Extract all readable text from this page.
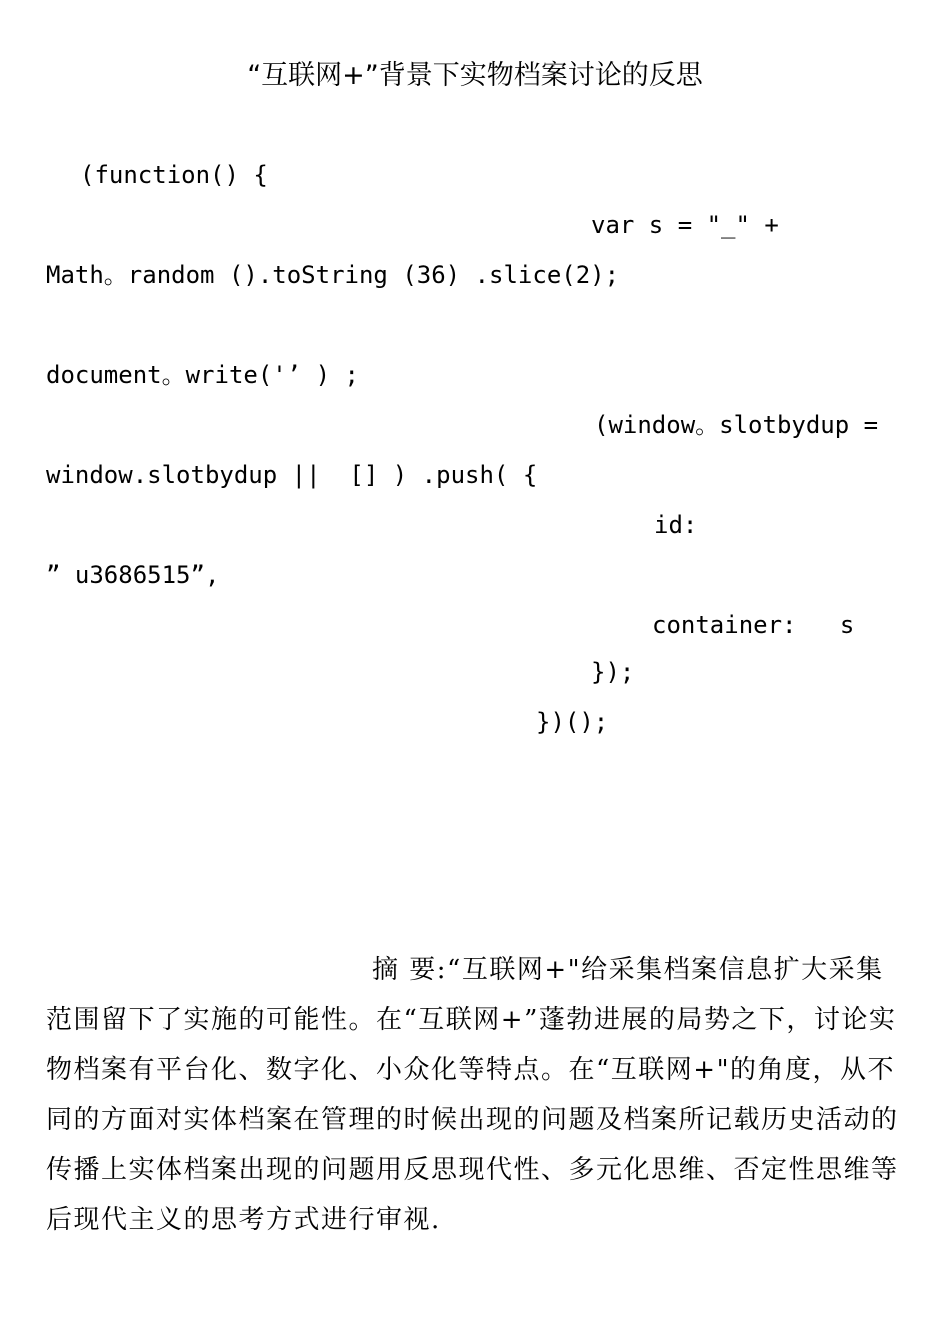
“互联网+”背景下实物档案讨论的反思
(function() {
var s = "_" +
Math。random ().toString (36) .slice(2);
document。write('’ ) ;
(window。slotbydup =
window.slotbydup ||  [] ) .push( {
id:
” u3686515”,
container:   s
});
})();
摘 要:“互联网+"给采集档案信息扩大采集范围留下了实施的可能性。在“互联网+”蓬勃进展的局势之下，讨论实物档案有平台化、数字化、小众化等特点。在“互联网+"的角度，从不同的方面对实体档案在管理的时候出现的问题及档案所记载历史活动的传播上实体档案出现的问题用反思现代性、多元化思维、否定性思维等后现代主义的思考方式进行审视.
